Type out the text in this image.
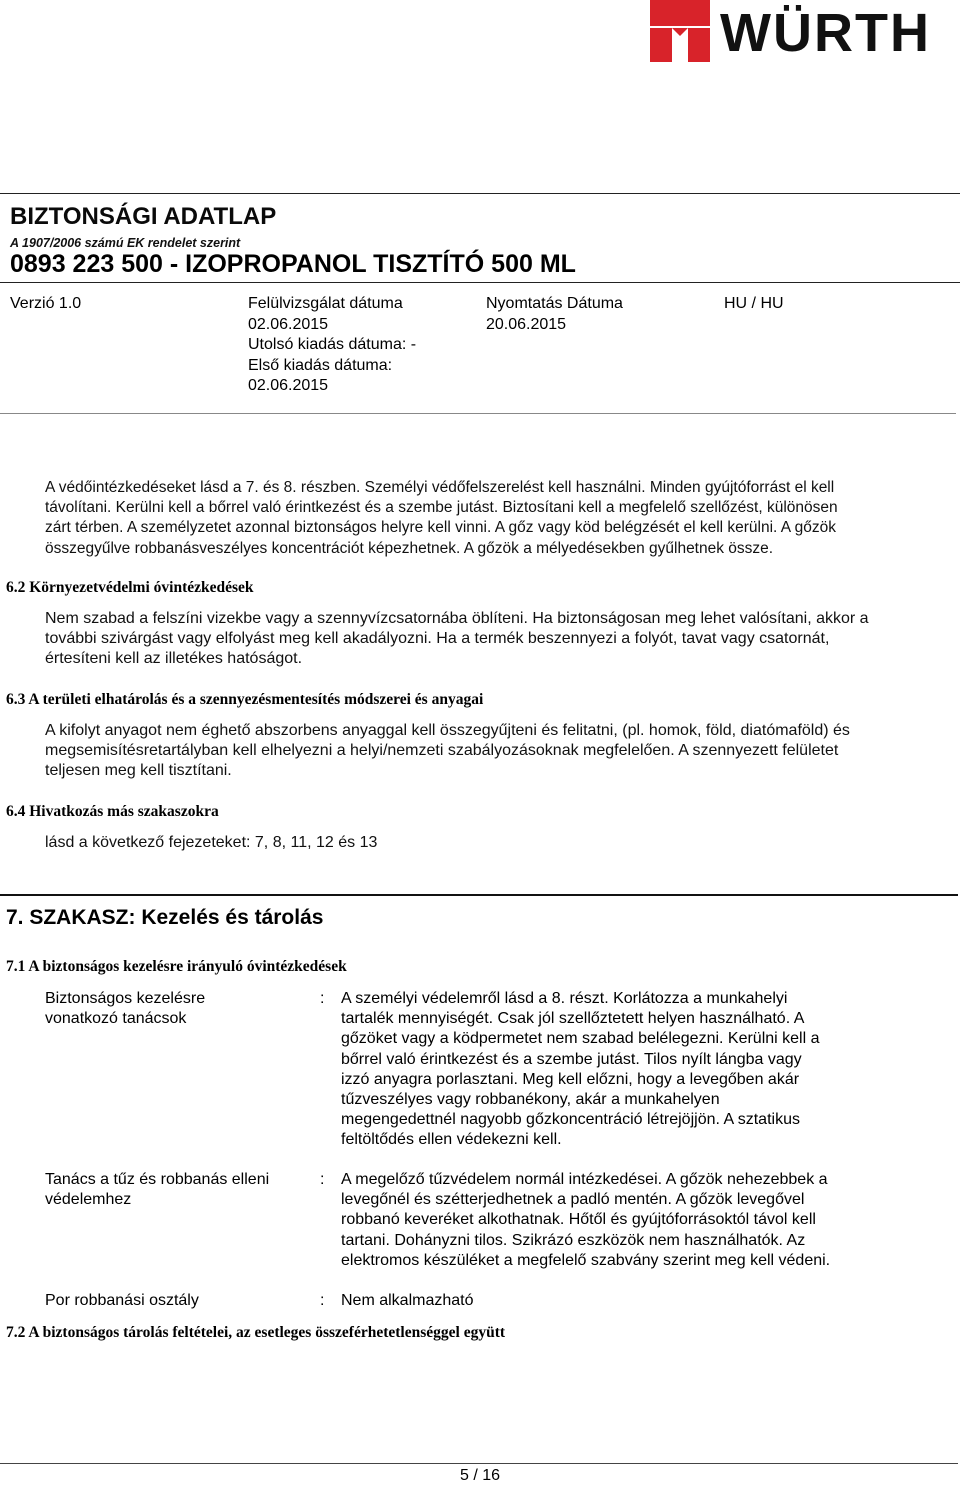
WÜRTH
BIZTONSÁGI ADATLAP
A 1907/2006 számú EK rendelet szerint
0893 223 500 - IZOPROPANOL TISZTÍTÓ 500 ML
Verzió 1.0	Felülvizsgálat dátuma
02.06.2015
Utolsó kiadás dátuma: -
Első kiadás dátuma:
02.06.2015
Nyomtatás Dátuma
20.06.2015
HU / HU
A védőintézkedéseket lásd a 7. és 8. részben. Személyi védőfelszerelést kell használni. Minden gyújtóforrást el kell
távolítani. Kerülni kell a bőrrel való érintkezést és a szembe jutást. Biztosítani kell a megfelelő szellőzést, különösen
zárt térben. A személyzetet azonnal biztonságos helyre kell vinni. A gőz vagy köd belégzését el kell kerülni. A gőzök
összegyűlve robbanásveszélyes koncentrációt képezhetnek. A gőzök a mélyedésekben gyűlhetnek össze.
6.2 Környezetvédelmi óvintézkedések
Nem szabad a felszíni vizekbe vagy a szennyvízcsatornába öblíteni. Ha biztonságosan meg lehet valósítani, akkor a
további szivárgást vagy elfolyást meg kell akadályozni. Ha a termék beszennyezi a folyót, tavat vagy csatornát,
értesíteni kell az illetékes hatóságot.
6.3 A területi elhatárolás és a szennyezésmentesítés módszerei és anyagai
A kifolyt anyagot nem éghető abszorbens anyaggal kell összegyűjteni és felitatni, (pl. homok, föld, diatómaföld) és
megsemisítésretartályban kell elhelyezni a helyi/nemzeti szabályozásoknak megfelelően. A szennyezett felületet
teljesen meg kell tisztítani.
6.4 Hivatkozás más szakaszokra
lásd a következő fejezeteket: 7, 8, 11, 12 és 13
7. SZAKASZ: Kezelés és tárolás
7.1 A biztonságos kezelésre irányuló óvintézkedések
Biztonságos kezelésre
vonatkozó tanácsok
: A személyi védelemről lásd a 8. részt. Korlátozza a munkahelyi
tartalék mennyiségét. Csak jól szellőztetett helyen használható. A
gőzöket vagy a ködpermetet nem szabad belélegezni. Kerülni kell a
bőrrel való érintkezést és a szembe jutást. Tilos nyílt lángba vagy
izzó anyagra porlasztani. Meg kell előzni, hogy a levegőben akár
tűzveszélyes vagy robbanékony, akár a munkahelyen
megengedettnél nagyobb gőzkoncentráció létrejöjjön. A sztatikus
feltöltődés ellen védekezni kell.
Tanács a tűz és robbanás elleni
védelemhez
: A megelőző tűzvédelem normál intézkedései. A gőzök nehezebbek a
levegőnél és szétterjedhetnek a padló mentén. A gőzök levegővel
robbanó keveréket alkothatnak. Hőtől és gyújtóforrásoktól távol kell
tartani. Dohányzni tilos. Szikrázó eszközök nem használhatók. Az
elektromos készüléket a megfelelő szabvány szerint meg kell védeni.
Por robbanási osztály	: Nem alkalmazható
7.2 A biztonságos tárolás feltételei, az esetleges összeférhetetlenséggel együtt
5 / 16
